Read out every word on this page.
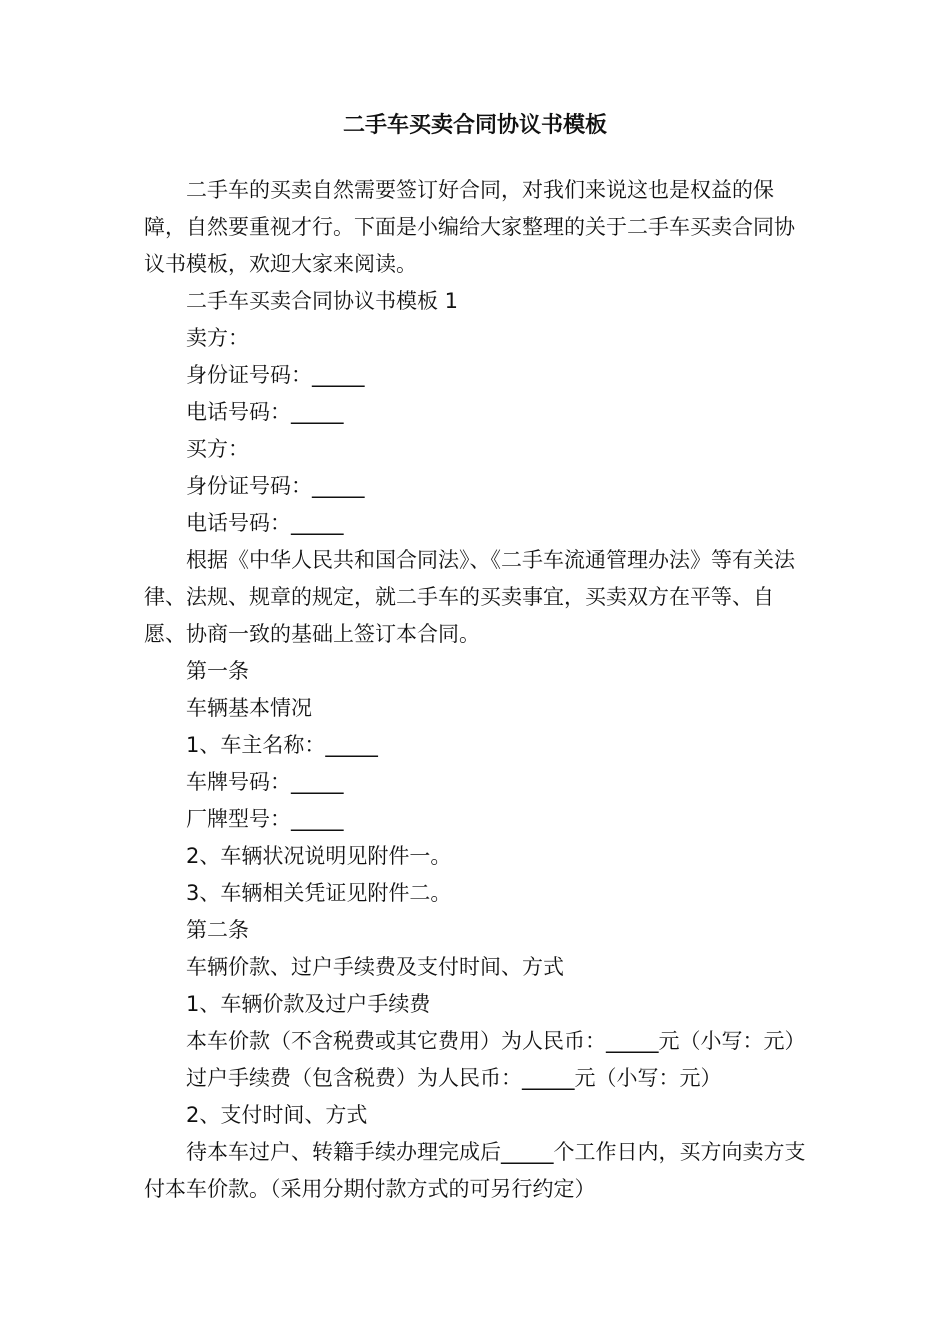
二手车买卖合同协议书模板

二手车的买卖自然需要签订好合同，对我们来说这也是权益的保障，自然要重视才行。下面是小编给大家整理的关于二手车买卖合同协议书模板，欢迎大家来阅读。

二手车买卖合同协议书模板 1

卖方：

身份证号码：_____

电话号码：_____

买方：

身份证号码：_____

电话号码：_____

根据《中华人民共和国合同法》、《二手车流通管理办法》等有关法律、法规、规章的规定，就二手车的买卖事宜，买卖双方在平等、自愿、协商一致的基础上签订本合同。

第一条

车辆基本情况

1、车主名称：_____

车牌号码：_____

厂牌型号：_____

2、车辆状况说明见附件一。

3、车辆相关凭证见附件二。

第二条

车辆价款、过户手续费及支付时间、方式

1、车辆价款及过户手续费

本车价款（不含税费或其它费用）为人民币：_____元（小写：元）

过户手续费（包含税费）为人民币：_____元（小写：元）

2、支付时间、方式

待本车过户、转籍手续办理完成后_____个工作日内，买方向卖方支付本车价款。（采用分期付款方式的可另行约定）
